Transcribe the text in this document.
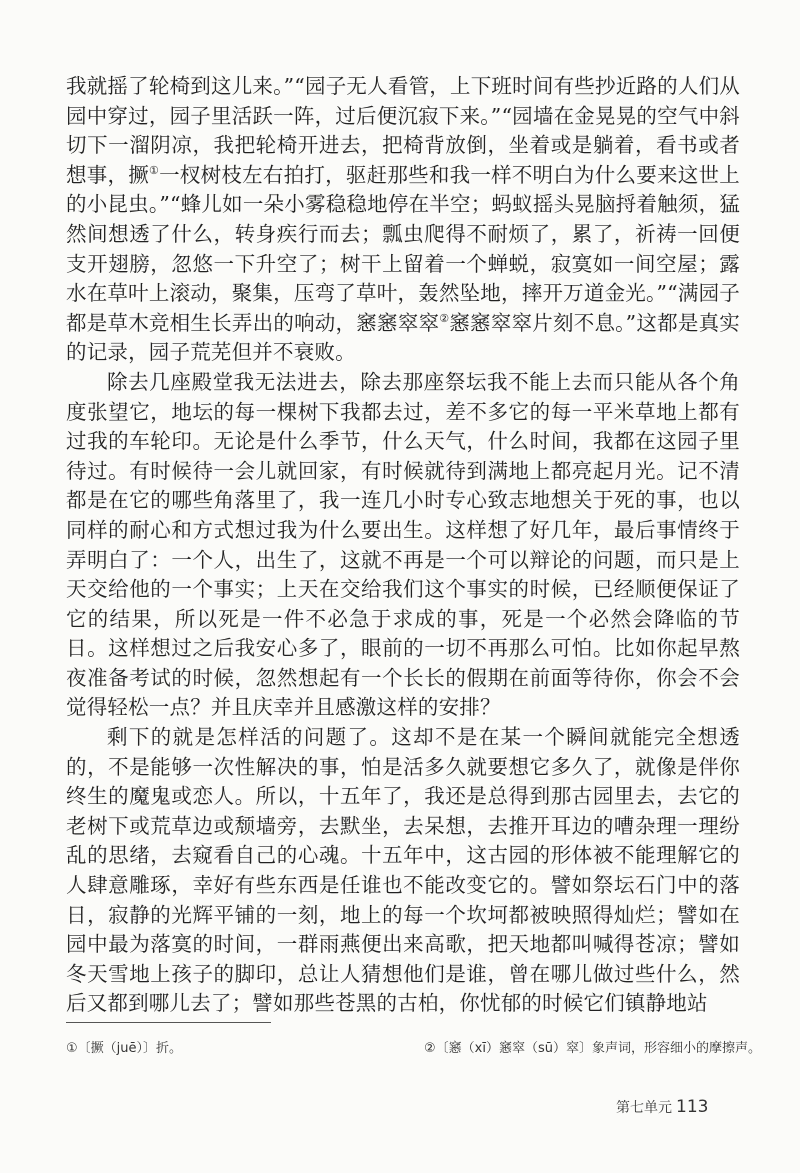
我就摇了轮椅到这儿来。”“园子无人看管，上下班时间有些抄近路的人们从园中穿过，园子里活跃一阵，过后便沉寂下来。”“园墙在金晃晃的空气中斜切下一溜阴凉，我把轮椅开进去，把椅背放倒，坐着或是躺着，看书或者想事，撅①一杈树枝左右拍打，驱赶那些和我一样不明白为什么要来这世上的小昆虫。”“蜂儿如一朵小雾稳稳地停在半空；蚂蚁摇头晃脑捋着触须，猛然间想透了什么，转身疾行而去；瓢虫爬得不耐烦了，累了，祈祷一回便支开翅膀，忽悠一下升空了；树干上留着一个蝉蜕，寂寞如一间空屋；露水在草叶上滚动，聚集，压弯了草叶，轰然坠地，摔开万道金光。”“满园子都是草木竞相生长弄出的响动，窸窸窣窣②窸窸窣窣片刻不息。”这都是真实的记录，园子荒芜但并不衰败。

除去几座殿堂我无法进去，除去那座祭坛我不能上去而只能从各个角度张望它，地坛的每一棵树下我都去过，差不多它的每一平米草地上都有过我的车轮印。无论是什么季节，什么天气，什么时间，我都在这园子里待过。有时候待一会儿就回家，有时候就待到满地上都亮起月光。记不清都是在它的哪些角落里了，我一连几小时专心致志地想关于死的事，也以同样的耐心和方式想过我为什么要出生。这样想了好几年，最后事情终于弄明白了：一个人，出生了，这就不再是一个可以辩论的问题，而只是上天交给他的一个事实；上天在交给我们这个事实的时候，已经顺便保证了它的结果，所以死是一件不必急于求成的事，死是一个必然会降临的节日。这样想过之后我安心多了，眼前的一切不再那么可怕。比如你起早熬夜准备考试的时候，忽然想起有一个长长的假期在前面等待你，你会不会觉得轻松一点？并且庆幸并且感激这样的安排？

剩下的就是怎样活的问题了。这却不是在某一个瞬间就能完全想透的，不是能够一次性解决的事，怕是活多久就要想它多久了，就像是伴你终生的魔鬼或恋人。所以，十五年了，我还是总得到那古园里去，去它的老树下或荒草边或颓墙旁，去默坐，去呆想，去推开耳边的嘈杂理一理纷乱的思绪，去窥看自己的心魂。十五年中，这古园的形体被不能理解它的人肆意雕琢，幸好有些东西是任谁也不能改变它的。譬如祭坛石门中的落日，寂静的光辉平铺的一刻，地上的每一个坎坷都被映照得灿烂；譬如在园中最为落寞的时间，一群雨燕便出来高歌，把天地都叫喊得苍凉；譬如冬天雪地上孩子的脚印，总让人猜想他们是谁，曾在哪儿做过些什么，然后又都到哪儿去了；譬如那些苍黑的古柏，你忧郁的时候它们镇静地站

①〔撅（juē）〕折。	②〔窸（xī）窸窣（sū）窣〕象声词，形容细小的摩擦声。
第七单元 113
